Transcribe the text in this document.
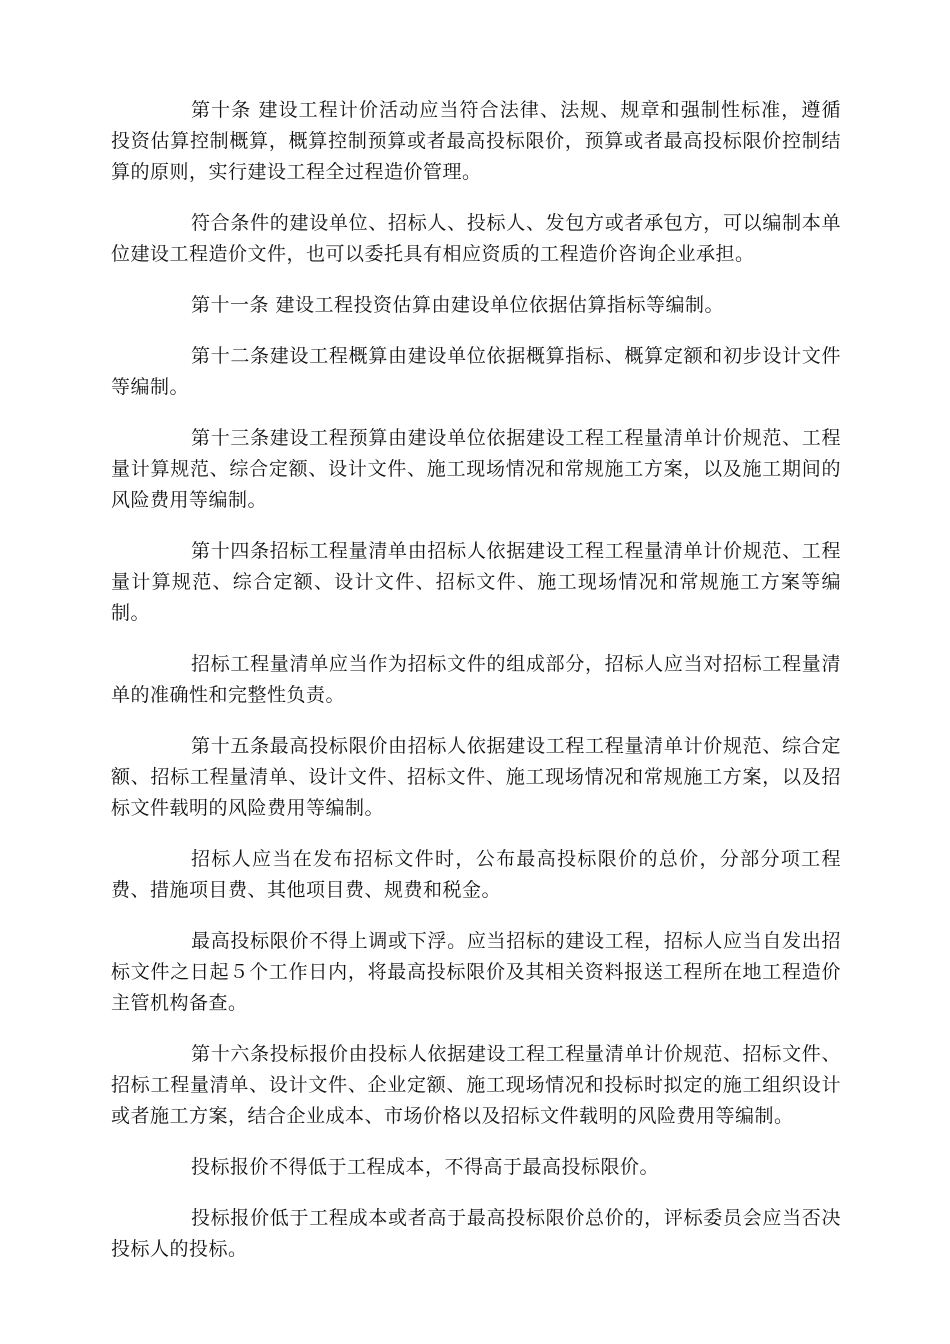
第十条 建设工程计价活动应当符合法律、法规、规章和强制性标准，遵循投资估算控制概算，概算控制预算或者最高投标限价，预算或者最高投标限价控制结算的原则，实行建设工程全过程造价管理。

符合条件的建设单位、招标人、投标人、发包方或者承包方，可以编制本单位建设工程造价文件，也可以委托具有相应资质的工程造价咨询企业承担。

第十一条 建设工程投资估算由建设单位依据估算指标等编制。

第十二条建设工程概算由建设单位依据概算指标、概算定额和初步设计文件等编制。

第十三条建设工程预算由建设单位依据建设工程工程量清单计价规范、工程量计算规范、综合定额、设计文件、施工现场情况和常规施工方案，以及施工期间的风险费用等编制。

第十四条招标工程量清单由招标人依据建设工程工程量清单计价规范、工程量计算规范、综合定额、设计文件、招标文件、施工现场情况和常规施工方案等编制。

招标工程量清单应当作为招标文件的组成部分，招标人应当对招标工程量清单的准确性和完整性负责。

第十五条最高投标限价由招标人依据建设工程工程量清单计价规范、综合定额、招标工程量清单、设计文件、招标文件、施工现场情况和常规施工方案，以及招标文件载明的风险费用等编制。

招标人应当在发布招标文件时，公布最高投标限价的总价，分部分项工程费、措施项目费、其他项目费、规费和税金。

最高投标限价不得上调或下浮。应当招标的建设工程，招标人应当自发出招标文件之日起５个工作日内，将最高投标限价及其相关资料报送工程所在地工程造价主管机构备查。

第十六条投标报价由投标人依据建设工程工程量清单计价规范、招标文件、招标工程量清单、设计文件、企业定额、施工现场情况和投标时拟定的施工组织设计或者施工方案，结合企业成本、市场价格以及招标文件载明的风险费用等编制。

投标报价不得低于工程成本，不得高于最高投标限价。

投标报价低于工程成本或者高于最高投标限价总价的，评标委员会应当否决投标人的投标。
